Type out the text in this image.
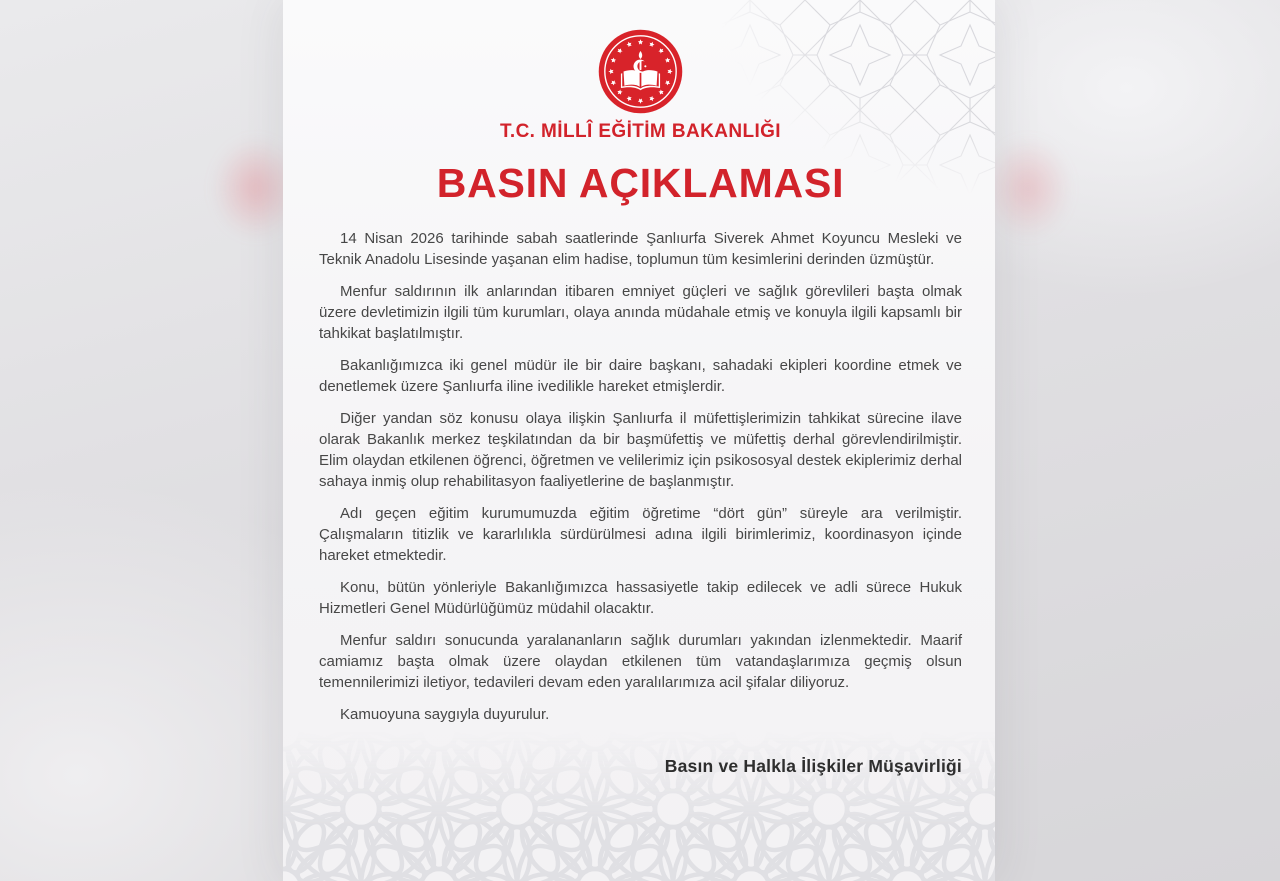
T.C. MİLLÎ EĞİTİM BAKANLIĞI
BASIN AÇIKLAMASI

14 Nisan 2026 tarihinde sabah saatlerinde Şanlıurfa Siverek Ahmet Koyuncu Mesleki ve Teknik Anadolu Lisesinde yaşanan elim hadise, toplumun tüm kesimlerini derinden üzmüştür.

Menfur saldırının ilk anlarından itibaren emniyet güçleri ve sağlık görevlileri başta olmak üzere devletimizin ilgili tüm kurumları, olaya anında müdahale etmiş ve konuyla ilgili kapsamlı bir tahkikat başlatılmıştır.

Bakanlığımızca iki genel müdür ile bir daire başkanı, sahadaki ekipleri koordine etmek ve denetlemek üzere Şanlıurfa iline ivedilikle hareket etmişlerdir.

Diğer yandan söz konusu olaya ilişkin Şanlıurfa il müfettişlerimizin tahkikat sürecine ilave olarak Bakanlık merkez teşkilatından da bir başmüfettiş ve müfettiş derhal görevlendirilmiştir. Elim olaydan etkilenen öğrenci, öğretmen ve velilerimiz için psikososyal destek ekiplerimiz derhal sahaya inmiş olup rehabilitasyon faaliyetlerine de başlanmıştır.

Adı geçen eğitim kurumumuzda eğitim öğretime “dört gün” süreyle ara verilmiştir. Çalışmaların titizlik ve kararlılıkla sürdürülmesi adına ilgili birimlerimiz, koordinasyon içinde hareket etmektedir.

Konu, bütün yönleriyle Bakanlığımızca hassasiyetle takip edilecek ve adli sürece Hukuk Hizmetleri Genel Müdürlüğümüz müdahil olacaktır.

Menfur saldırı sonucunda yaralananların sağlık durumları yakından izlenmektedir. Maarif camiamız başta olmak üzere olaydan etkilenen tüm vatandaşlarımıza geçmiş olsun temennilerimizi iletiyor, tedavileri devam eden yaralılarımıza acil şifalar diliyoruz.

Kamuoyuna saygıyla duyurulur.

Basın ve Halkla İlişkiler Müşavirliği
